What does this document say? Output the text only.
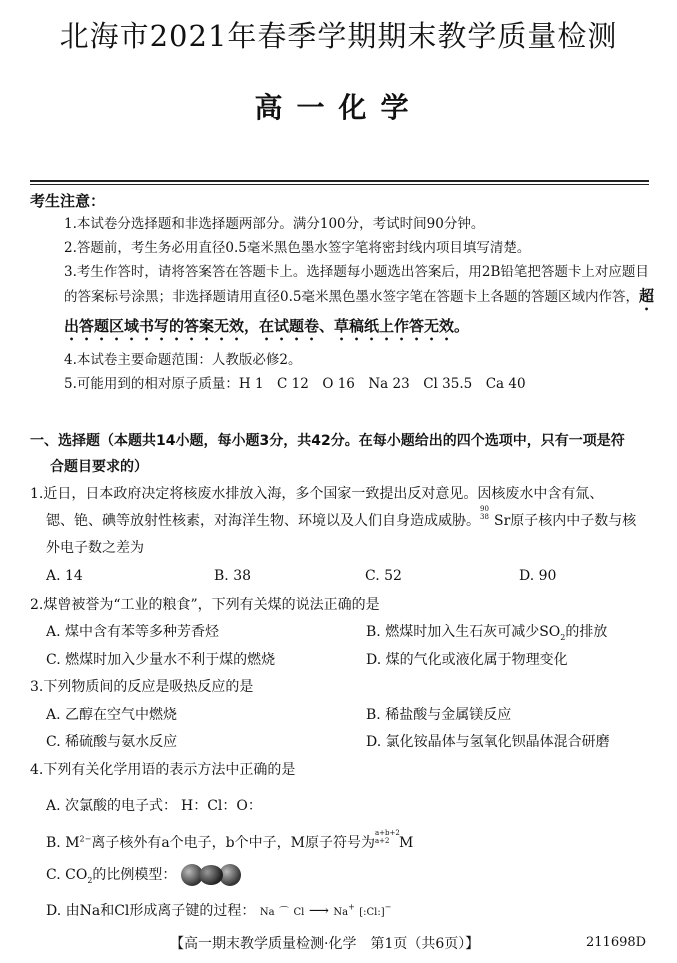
北海市2021年春季学期期末教学质量检测
高一化学
考生注意：
1.本试卷分选择题和非选择题两部分。满分100分，考试时间90分钟。
2.答题前，考生务必用直径0.5毫米黑色墨水签字笔将密封线内项目填写清楚。
3.考生作答时，请将答案答在答题卡上。选择题每小题选出答案后，用2B铅笔把答题卡上对应题目的答案标号涂黑；非选择题请用直径0.5毫米黑色墨水签字笔在答题卡上各题的答题区域内作答，超出答题区域书写的答案无效，在试题卷、草稿纸上作答无效。
4.本试卷主要命题范围：人教版必修2。
5.可能用到的相对原子质量：H 1　C 12　O 16　Na 23　Cl 35.5　Ca 40
一、选择题（本题共14小题，每小题3分，共42分。在每小题给出的四个选项中，只有一项是符
合题目要求的）
1.近日，日本政府决定将核废水排放入海，多个国家一致提出反对意见。因核废水中含有氚、
锶、铯、碘等放射性核素，对海洋生物、环境以及人们自身造成威胁。
90
38 Sr原子核内中子数与核
外电子数之差为
A. 14	B. 38	C. 52	D. 90
2.煤曾被誉为“工业的粮食”，下列有关煤的说法正确的是
A. 煤中含有苯等多种芳香烃	B. 燃煤时加入生石灰可减少$SO_2$的排放
C. 燃煤时加入少量水不利于煤的燃烧	D. 煤的气化或液化属于物理变化
3.下列物质间的反应是吸热反应的是
A. 乙醇在空气中燃烧	B. 稀盐酸与金属镁反应
C. 稀硫酸与氨水反应	D. 氯化铵晶体与氢氧化钡晶体混合研磨
4.下列有关化学用语的表示方法中正确的是
A. 次氯酸的电子式： H：Cl：O：
B. $M^{2-}$离子核外有a个电子，b个中子，M原子符号为
a+b+2
a+2 M
C. $CO_2$的比例模型：
D. 由Na和Cl形成离子键的过程： Na ⌒ Cl ⟶ Na+ [:Cl:]−
【高一期末教学质量检测·化学　第1页（共6页）】	211698D
